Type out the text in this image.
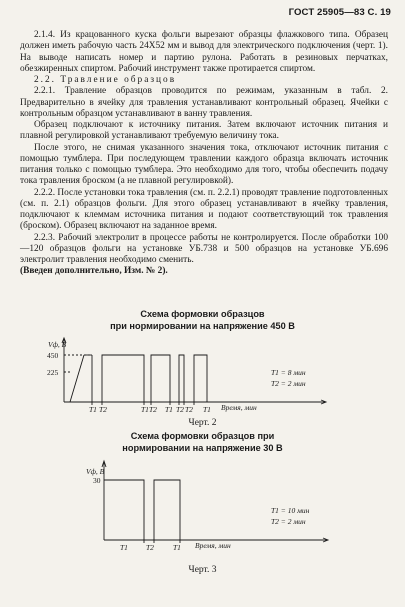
ГОСТ 25905—83 С. 19

2.1.4. Из крацованного куска фольги вырезают образцы флажкового типа. Образец должен иметь рабочую часть 24Х52 мм и вывод для электрического подключения (черт. 1). На выводе написать номер и партию рулона. Работать в резиновых перчатках, обезжиренных спиртом. Рабочий инструмент также протирается спиртом.

2.2. Травление образцов

2.2.1. Травление образцов проводится по режимам, указанным в табл. 2. Предварительно в ячейку для травления устанавливают контрольный образец. Ячейки с контрольным образцом устанавливают в ванну травления.

Образец подключают к источнику питания. Затем включают источник питания и плавной регулировкой устанавливают требуемую величину тока.

После этого, не снимая указанного значения тока, отключают источник питания с помощью тумблера. При последующем травлении каждого образца включать источник питания только с помощью тумблера. Это необходимо для того, чтобы обеспечить подачу тока травления броском (а не плавной регулировкой).

2.2.2. После установки тока травления (см. п. 2.2.1) проводят травление подготовленных (см. п. 2.1) образцов фольги. Для этого образец устанавливают в ячейку травления, подключают к клеммам источника питания и подают соответствующий ток травления (броском). Образец включают на заданное время.

2.2.3. Рабочий электролит в процессе работы не контролируется. После обработки 100—120 образцов фольги на установке УБ.738 и 500 образцов на установке УБ.696 электролит травления необходимо сменить.

(Введен дополнительно, Изм. № 2).

Схема формовки образцов
при нормировании на напряжение 450 В
Vф, В
450
225
Время, мин
T1 T2	T1 T2 T1 T2 T2 T1
T1 = 8 мин
T2 = 2 мин
Черт. 2
Схема формовки образцов при
нормировании на напряжение 30 В
Vф, В
30
Время, мин
T1 T2	T1
T1 = 10 мин
T2 = 2 мин
Черт. 3
